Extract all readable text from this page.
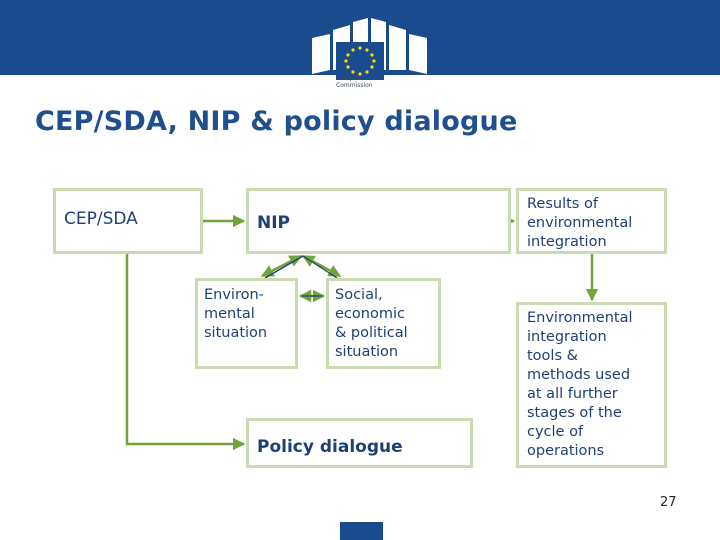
European
Commission
CEP/SDA, NIP & policy dialogue
CEP/SDA	NIP
Results of
environmental
integration
Environ-
mental
situation
Social,
economic
& political
situation
Policy dialogue
Environmental
integration
tools &
methods used
at all further
stages of the
cycle of
operations
27
